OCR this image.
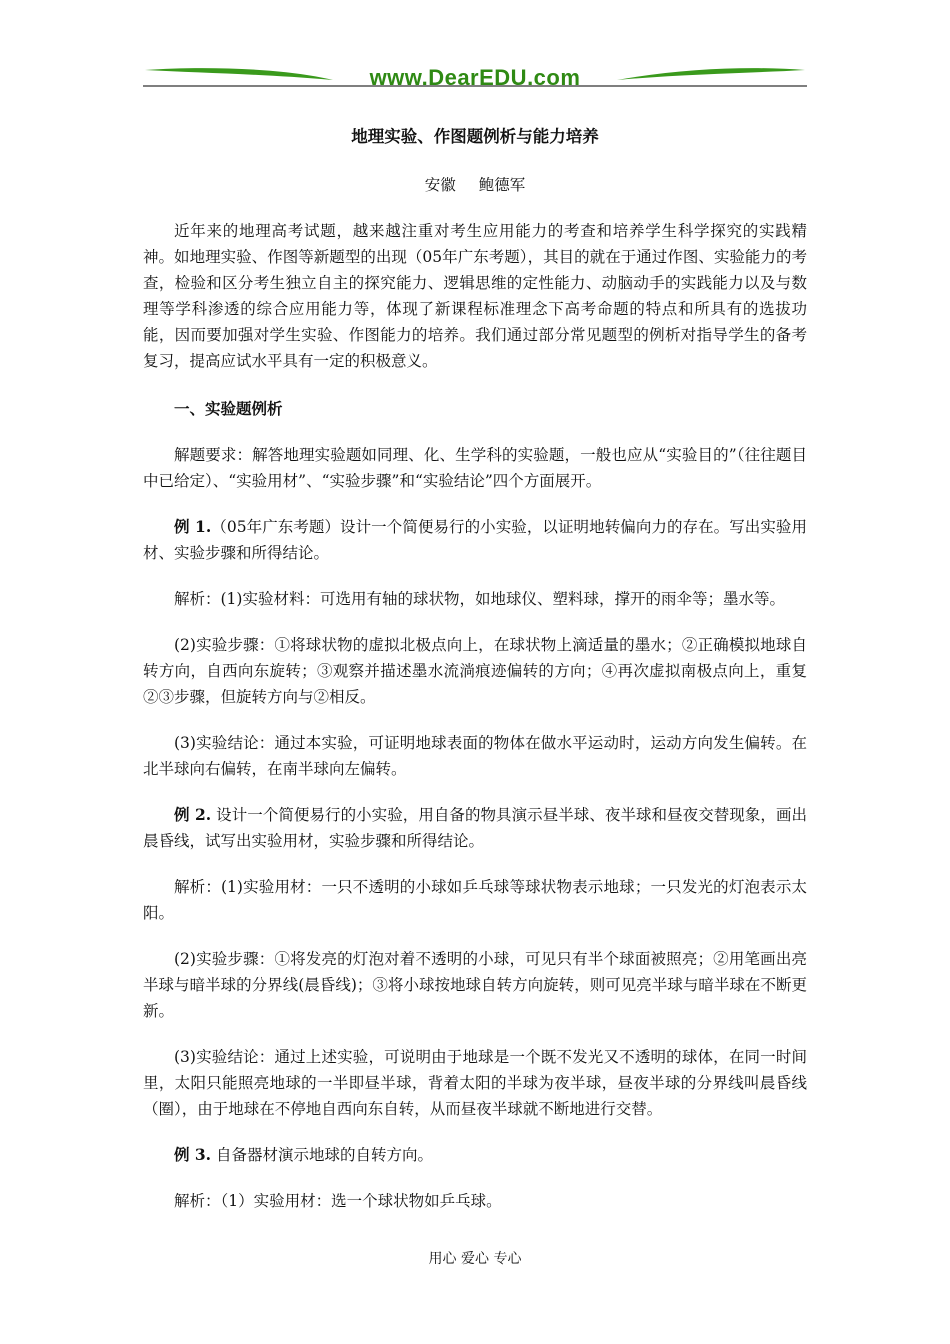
www.DearEDU.com
地理实验、作图题例析与能力培养
安徽 鲍德军

近年来的地理高考试题，越来越注重对考生应用能力的考查和培养学生科学探究的实践精神。如地理实验、作图等新题型的出现（05年广东考题），其目的就在于通过作图、实验能力的考查，检验和区分考生独立自主的探究能力、逻辑思维的定性能力、动脑动手的实践能力以及与数理等学科渗透的综合应用能力等，体现了新课程标准理念下高考命题的特点和所具有的选拔功能，因而要加强对学生实验、作图能力的培养。我们通过部分常见题型的例析对指导学生的备考复习，提高应试水平具有一定的积极意义。

一、实验题例析

解题要求：解答地理实验题如同理、化、生学科的实验题，一般也应从“实验目的”（往往题目中已给定）、“实验用材”、“实验步骤”和“实验结论”四个方面展开。

例 1.（05年广东考题）设计一个简便易行的小实验，以证明地转偏向力的存在。写出实验用材、实验步骤和所得结论。

解析：(1)实验材料：可选用有轴的球状物，如地球仪、塑料球，撑开的雨伞等；墨水等。

(2)实验步骤：①将球状物的虚拟北极点向上，在球状物上滴适量的墨水；②正确模拟地球自转方向，自西向东旋转；③观察并描述墨水流淌痕迹偏转的方向；④再次虚拟南极点向上，重复②③步骤，但旋转方向与②相反。

(3)实验结论：通过本实验，可证明地球表面的物体在做水平运动时，运动方向发生偏转。在北半球向右偏转，在南半球向左偏转。

例 2. 设计一个简便易行的小实验，用自备的物具演示昼半球、夜半球和昼夜交替现象，画出晨昏线，试写出实验用材，实验步骤和所得结论。

解析：(1)实验用材：一只不透明的小球如乒乓球等球状物表示地球；一只发光的灯泡表示太阳。

(2)实验步骤：①将发亮的灯泡对着不透明的小球，可见只有半个球面被照亮；②用笔画出亮半球与暗半球的分界线(晨昏线)；③将小球按地球自转方向旋转，则可见亮半球与暗半球在不断更新。

(3)实验结论：通过上述实验，可说明由于地球是一个既不发光又不透明的球体，在同一时间里，太阳只能照亮地球的一半即昼半球，背着太阳的半球为夜半球，昼夜半球的分界线叫晨昏线（圈），由于地球在不停地自西向东自转，从而昼夜半球就不断地进行交替。

例 3. 自备器材演示地球的自转方向。

解析：（1）实验用材：选一个球状物如乒乓球。

用心 爱心 专心
